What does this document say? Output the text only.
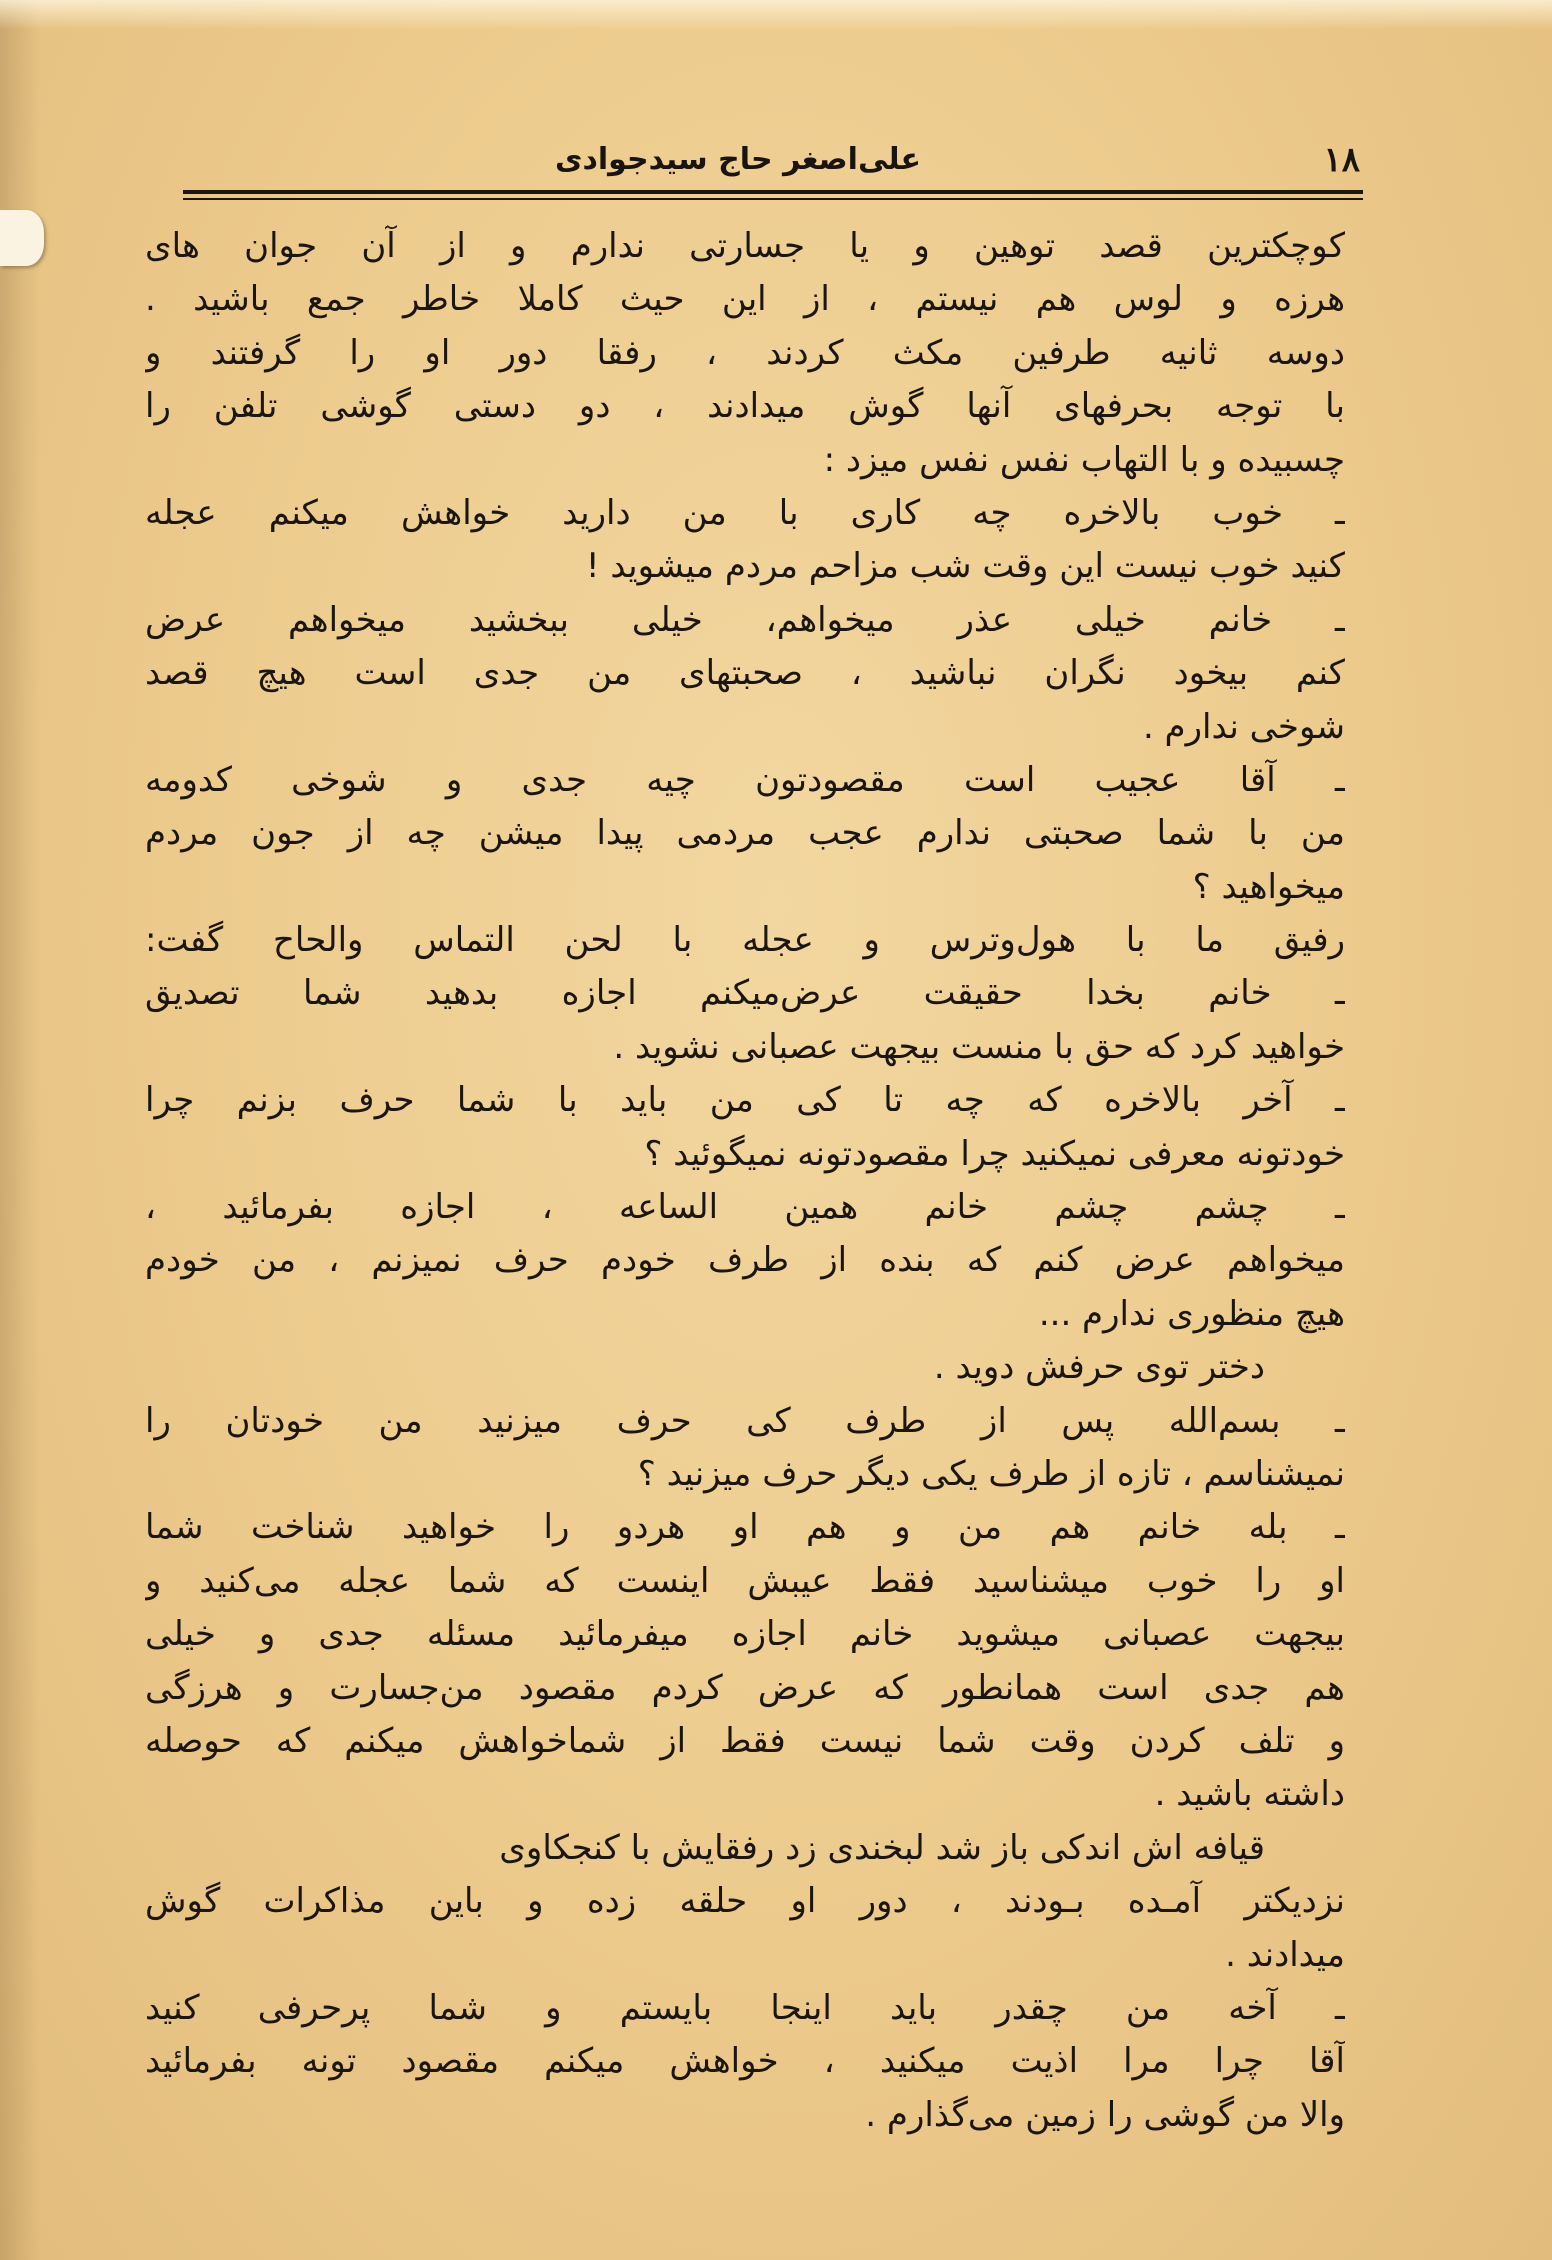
علی‌اصغر حاج سیدجوادی	۱۸
کوچکترین قصد توهین و یا جسارتی ندارم و از آن جوان های
هرزه و لوس هم نیستم ، از این حیث کاملا خاطر جمع باشید .
دوسه ثانیه طرفین مکث کردند ، رفقا دور او را گرفتند و
با توجه بحرفهای آنها گوش میدادند ، دو دستی گوشی تلفن را
چسبیده و با التهاب نفس نفس میزد :
ـ خوب بالاخره چه کاری با من دارید خواهش میکنم عجله
کنید خوب نیست این وقت شب مزاحم مردم میشوید !
ـ خانم خیلی عذر میخواهم، خیلی ببخشید میخواهم عرض
کنم بیخود نگران نباشید ، صحبتهای من جدی است هیچ قصد
شوخی ندارم .
ـ آقا عجیب است مقصودتون چیه جدی و شوخی کدومه
من با شما صحبتی ندارم عجب مردمی پیدا میشن چه از جون مردم
میخواهید ؟
رفیق ما با هول‌وترس و عجله با لحن التماس والحاح گفت:
ـ خانم بخدا حقیقت عرض‌میکنم اجازه بدهید شما تصدیق
خواهید کرد که حق با منست بیجهت عصبانی نشوید .
ـ آخر بالاخره که چه تا کی من باید با شما حرف بزنم چرا
خودتونه معرفی نمیکنید چرا مقصودتونه نمیگوئید ؟
ـ چشم چشم خانم همین الساعه ، اجازه بفرمائید ،
میخواهم عرض کنم که بنده از طرف خودم حرف نمیزنم ، من خودم
هیچ منظوری ندارم ...
دختر توی حرفش دوید .
ـ بسم‌الله پس از طرف کی حرف میزنید من خودتان را
نمیشناسم ، تازه از طرف یکی دیگر حرف میزنید ؟
ـ بله خانم هم من و هم او هردو را خواهید شناخت شما
او را خوب میشناسید فقط عیبش اینست که شما عجله می‌کنید و
بیجهت عصبانی میشوید خانم اجازه میفرمائید مسئله جدی و خیلی
هم جدی است همانطور که عرض کردم مقصود من‌جسارت و هرزگی
و تلف کردن وقت شما نیست فقط از شماخواهش میکنم که حوصله
داشته باشید .
قیافه اش اندکی باز شد لبخندی زد رفقایش با کنجکاوی
نزدیکتر آمـده بـودند ، دور او حلقه زده و باین مذاکرات گوش
میدادند .
ـ آخه من چقدر باید اینجا بایستم و شما پرحرفی کنید
آقا چرا مرا اذیت میکنید ، خواهش میکنم مقصود تونه بفرمائید
والا من گوشی را زمین می‌گذارم .
